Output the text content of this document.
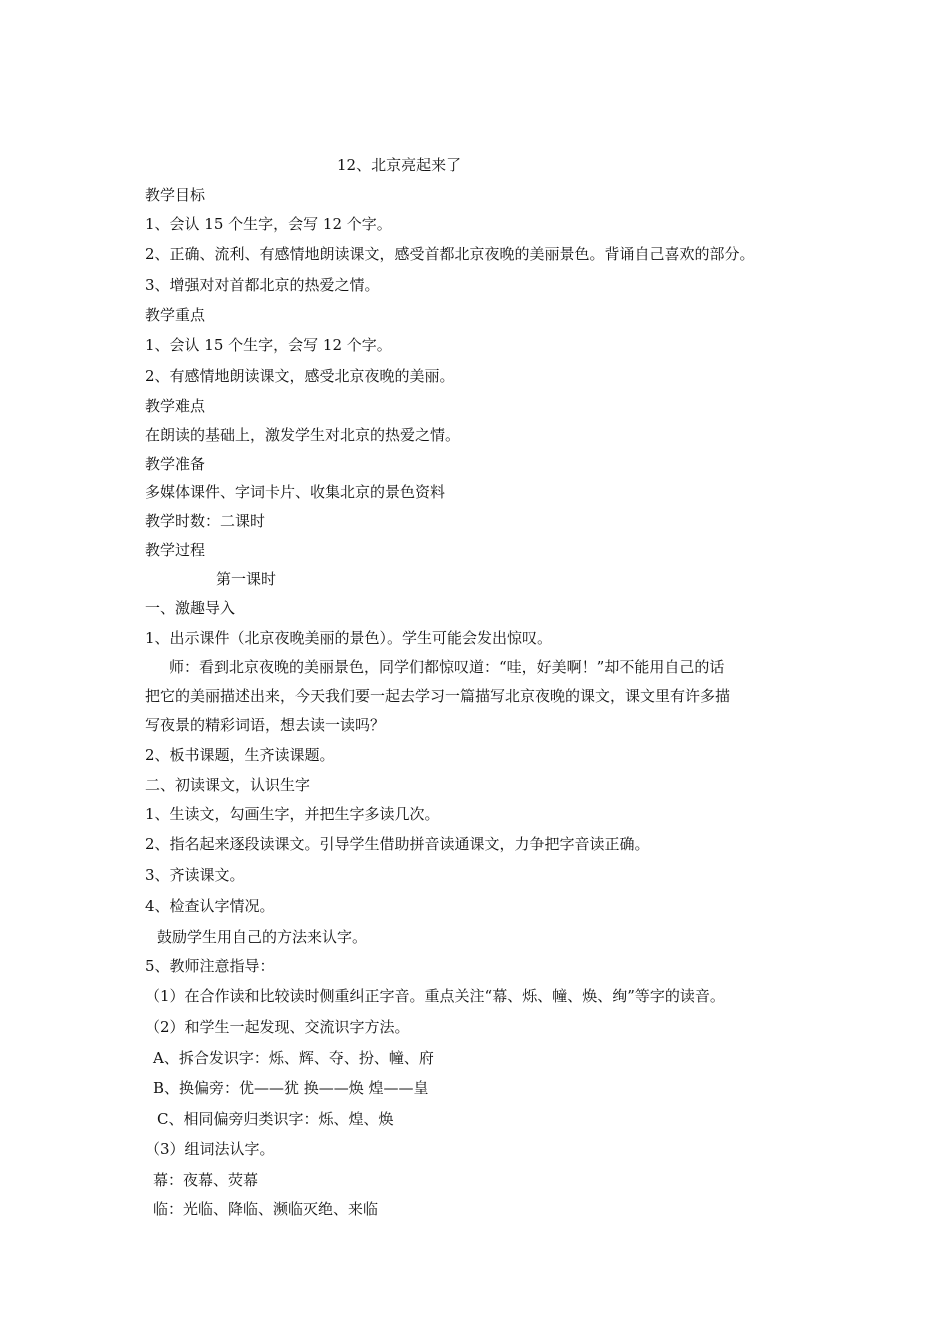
12、北京亮起来了
教学目标
1、会认 15 个生字，会写 12 个字。
2、正确、流利、有感情地朗读课文，感受首都北京夜晚的美丽景色。背诵自己喜欢的部分。
3、增强对对首都北京的热爱之情。
教学重点
1、会认 15 个生字，会写 12 个字。
2、有感情地朗读课文，感受北京夜晚的美丽。
教学难点
在朗读的基础上，激发学生对北京的热爱之情。
教学准备
多媒体课件、字词卡片、收集北京的景色资料
教学时数：二课时
教学过程
第一课时
一、激趣导入
1、出示课件（北京夜晚美丽的景色）。学生可能会发出惊叹。
师：看到北京夜晚的美丽景色，同学们都惊叹道：“哇，好美啊！”却不能用自己的话
把它的美丽描述出来，今天我们要一起去学习一篇描写北京夜晚的课文，课文里有许多描
写夜景的精彩词语，想去读一读吗？
2、板书课题，生齐读课题。
二、初读课文，认识生字
1、生读文，勾画生字，并把生字多读几次。
2、指名起来逐段读课文。引导学生借助拼音读通课文，力争把字音读正确。
3、齐读课文。
4、检查认字情况。
鼓励学生用自己的方法来认字。
5、教师注意指导：
（1）在合作读和比较读时侧重纠正字音。重点关注“幕、烁、幢、焕、绚”等字的读音。
（2）和学生一起发现、交流识字方法。
A、拆合发识字：烁、辉、夺、扮、幢、府
B、换偏旁：优——犹 换——焕 煌——皇
C、相同偏旁归类识字：烁、煌、焕
（3）组词法认字。
幕：夜幕、荧幕
临：光临、降临、濒临灭绝、来临
